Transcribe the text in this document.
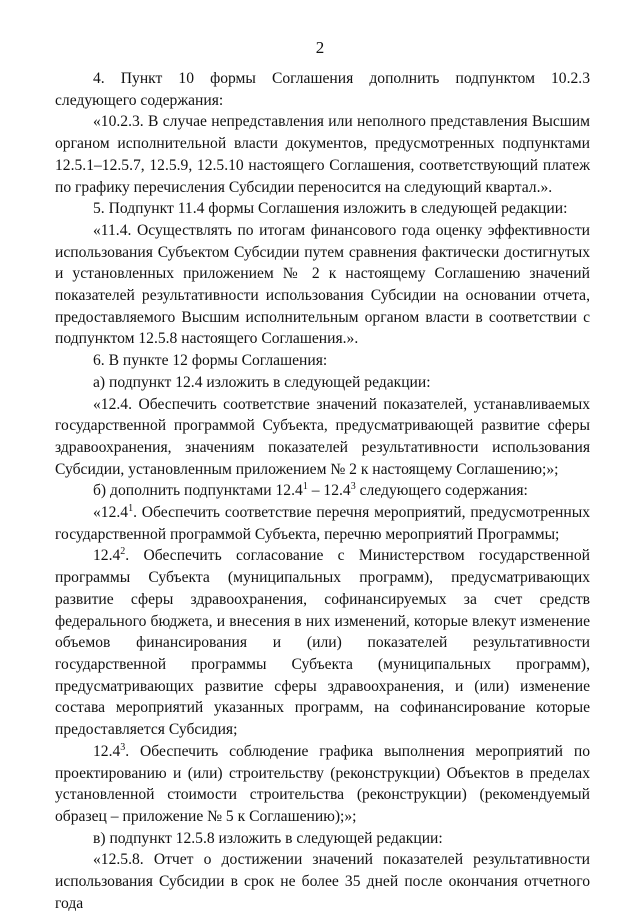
2

4. Пункт 10 формы Соглашения дополнить подпунктом 10.2.3 следующего содержания:

«10.2.3. В случае непредставления или неполного представления Высшим органом исполнительной власти документов, предусмотренных подпунктами 12.5.1–12.5.7, 12.5.9, 12.5.10 настоящего Соглашения, соответствующий платеж по графику перечисления Субсидии переносится на следующий квартал.».

5. Подпункт 11.4 формы Соглашения изложить в следующей редакции:

«11.4. Осуществлять по итогам финансового года оценку эффективности использования Субъектом Субсидии путем сравнения фактически достигнутых и установленных приложением № 2 к настоящему Соглашению значений показателей результативности использования Субсидии на основании отчета, предоставляемого Высшим исполнительным органом власти в соответствии с подпунктом 12.5.8 настоящего Соглашения.».

6. В пункте 12 формы Соглашения:

а) подпункт 12.4 изложить в следующей редакции:

«12.4. Обеспечить соответствие значений показателей, устанавливаемых государственной программой Субъекта, предусматривающей развитие сферы здравоохранения, значениям показателей результативности использования Субсидии, установленным приложением № 2 к настоящему Соглашению;»;

б) дополнить подпунктами 12.4$^1$ – 12.4$^3$ следующего содержания:

«12.4$^1$. Обеспечить соответствие перечня мероприятий, предусмотренных государственной программой Субъекта, перечню мероприятий Программы;

12.4$^2$. Обеспечить согласование с Министерством государственной программы Субъекта (муниципальных программ), предусматривающих развитие сферы здравоохранения, софинансируемых за счет средств федерального бюджета, и внесения в них изменений, которые влекут изменение объемов финансирования и (или) показателей результативности государственной программы Субъекта (муниципальных программ), предусматривающих развитие сферы здравоохранения, и (или) изменение состава мероприятий указанных программ, на софинансирование которые предоставляется Субсидия;

12.4$^3$. Обеспечить соблюдение графика выполнения мероприятий по проектированию и (или) строительству (реконструкции) Объектов в пределах установленной стоимости строительства (реконструкции) (рекомендуемый образец – приложение № 5 к Соглашению);»;

в) подпункт 12.5.8 изложить в следующей редакции:

«12.5.8. Отчет о достижении значений показателей результативности использования Субсидии в срок не более 35 дней после окончания отчетного года
